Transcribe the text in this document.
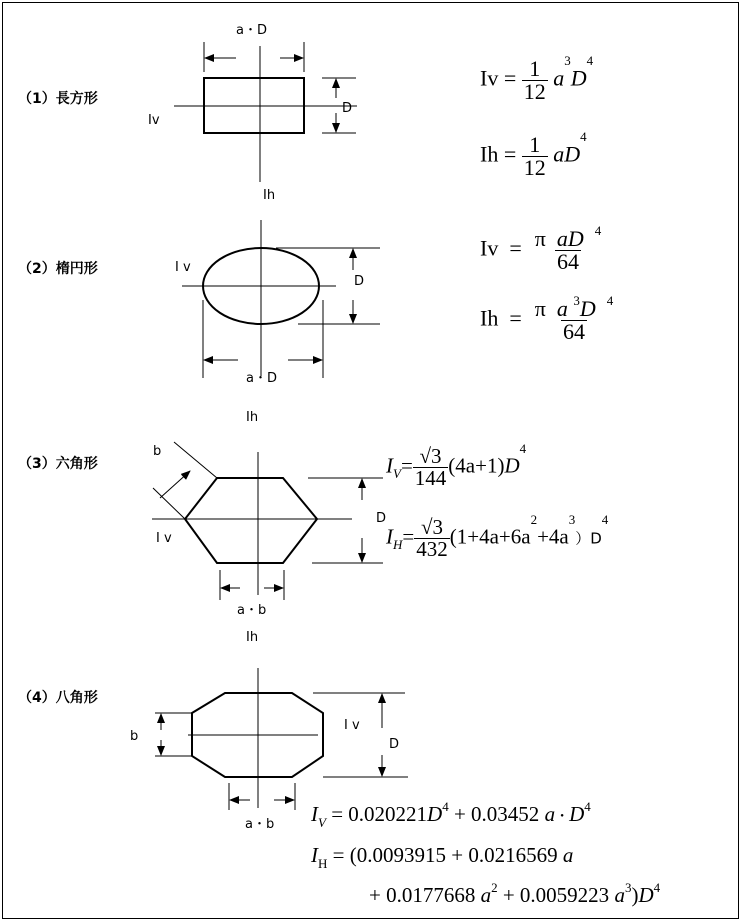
（1）長方形
a・D
D
Iv
Ih
$Iv = \frac{1}{12} a^3D^4$
$Ih = \frac{1}{12} aD^4$
（2）楕円形	I v
D
a・D
Ih
$Iv = \frac{\pi aD ^4}{64}$
$Ih = \frac{\pi a ^3D ^4}{64}$
（3）六角形
b
I v
D
a・b
Ih
$I_V= \frac{√3}{144} (4a+1)D^4$
$I_H= \frac{√3}{432} (1+4a+6a^2+4a^3)D^4$
（4）八角形
b
I v
D
a・b $I_V = 0.020221D^4 + 0.03452$ a・$D^4$
$I_H = (0.0093915 + 0.0216569$ a
+ 0.0177668 $a^2 + 0.0059223$ $a^3)D^4$
